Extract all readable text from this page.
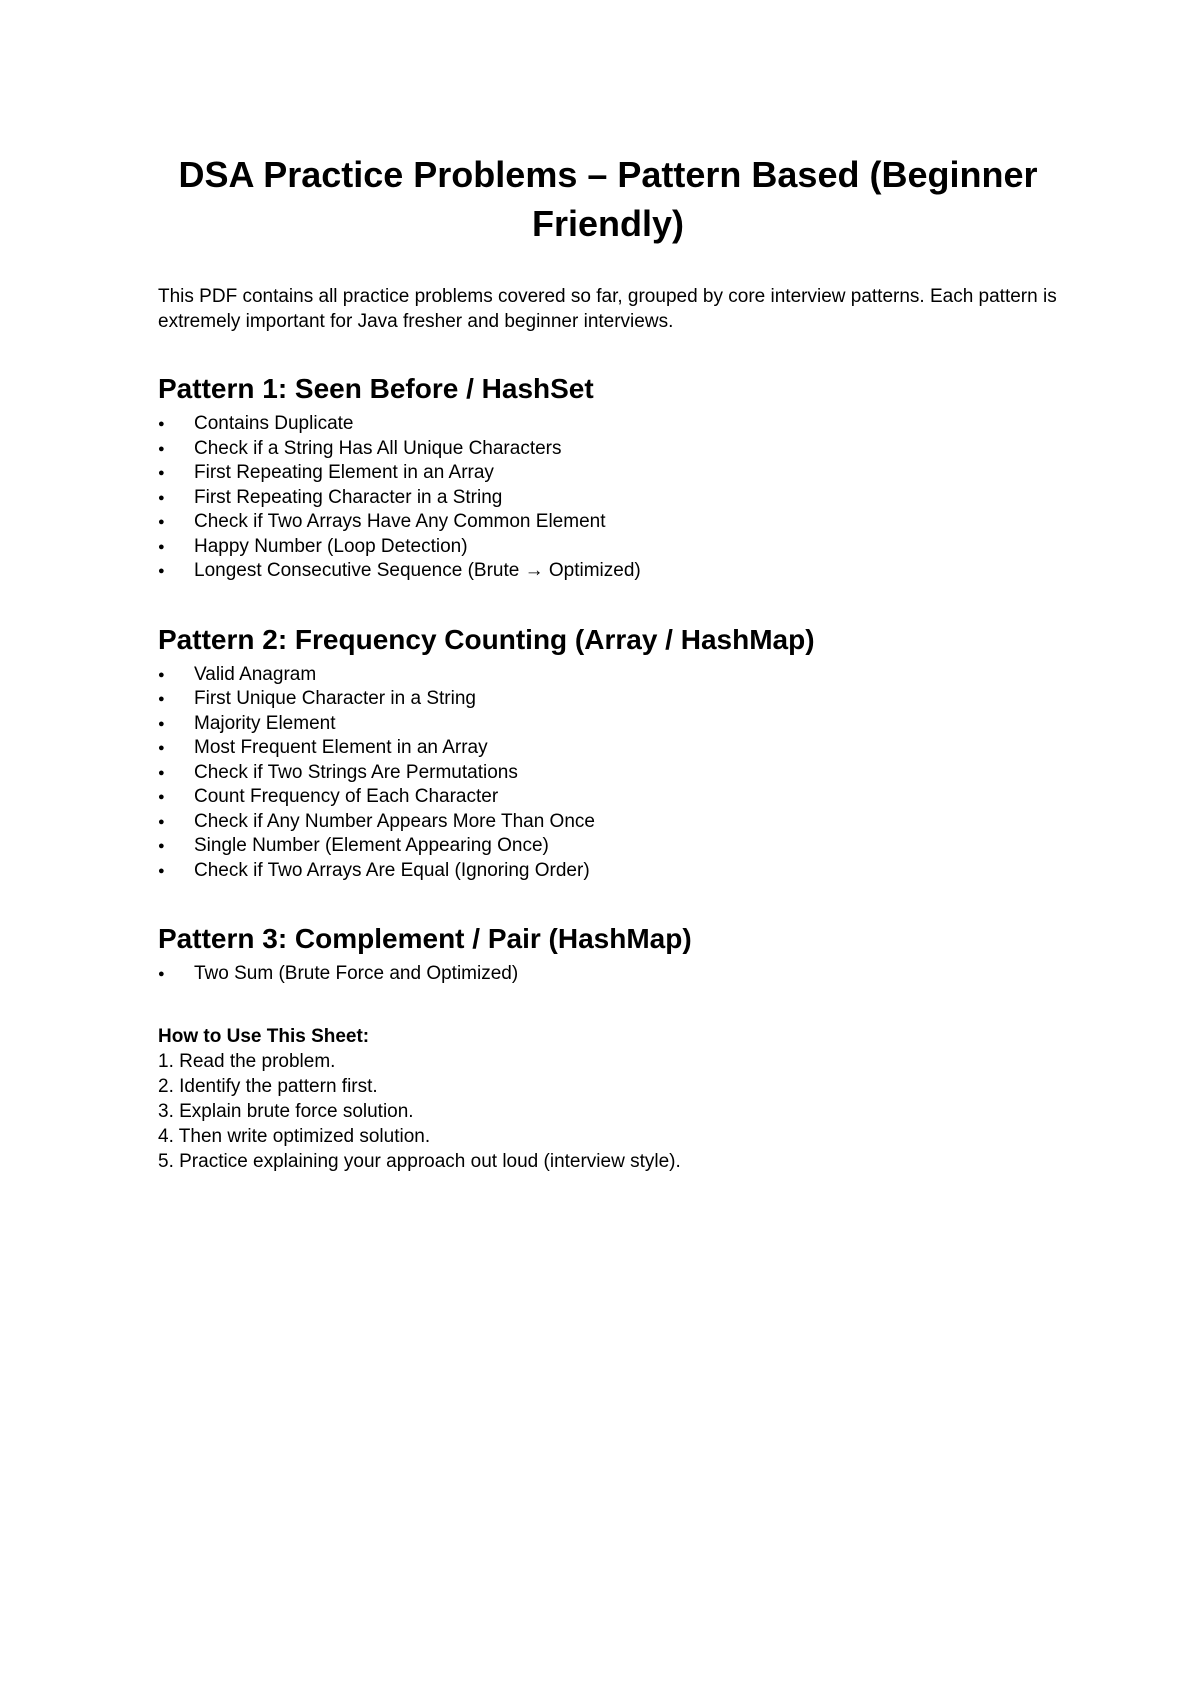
DSA Practice Problems – Pattern Based (Beginner Friendly)

This PDF contains all practice problems covered so far, grouped by core interview patterns. Each pattern is extremely important for Java fresher and beginner interviews.

Pattern 1: Seen Before / HashSet
● Contains Duplicate
● Check if a String Has All Unique Characters
● First Repeating Element in an Array
● First Repeating Character in a String
● Check if Two Arrays Have Any Common Element
● Happy Number (Loop Detection)
● Longest Consecutive Sequence (Brute → Optimized)
Pattern 2: Frequency Counting (Array / HashMap)
● Valid Anagram
● First Unique Character in a String
● Majority Element
● Most Frequent Element in an Array
● Check if Two Strings Are Permutations
● Count Frequency of Each Character
● Check if Any Number Appears More Than Once
● Single Number (Element Appearing Once)
● Check if Two Arrays Are Equal (Ignoring Order)
Pattern 3: Complement / Pair (HashMap)
● Two Sum (Brute Force and Optimized)
How to Use This Sheet:
1. Read the problem.
2. Identify the pattern first.
3. Explain brute force solution.
4. Then write optimized solution.
5. Practice explaining your approach out loud (interview style).
